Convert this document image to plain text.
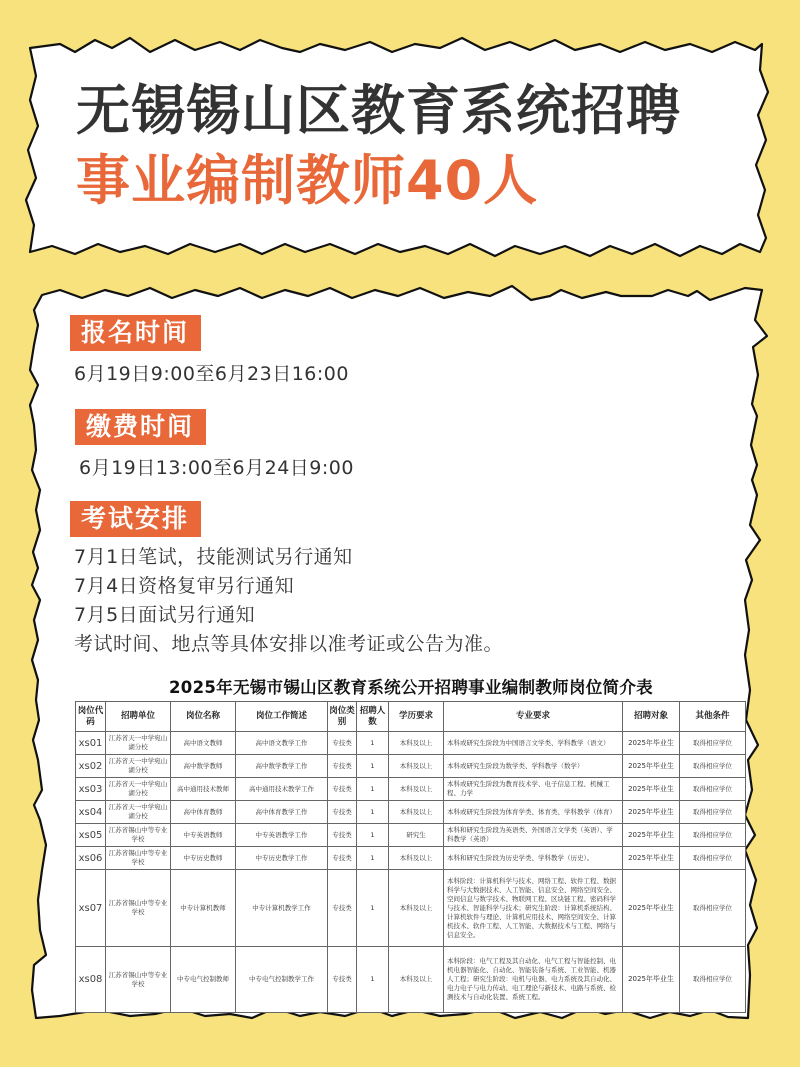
无锡锡山区教育系统招聘
事业编制教师40人
报名时间
6月19日9:00至6月23日16:00
缴费时间
6月19日13:00至6月24日9:00
考试安排
7月1日笔试，技能测试另行通知
7月4日资格复审另行通知
7月5日面试另行通知
考试时间、地点等具体安排以准考证或公告为准。
2025年无锡市锡山区教育系统公开招聘事业编制教师岗位简介表
岗位代码	招聘单位	岗位名称	岗位工作简述	岗位类别	招聘人数	学历要求	专业要求	招聘对象	其他条件
xs01	江苏省天一中学宛山湖分校	高中语文教师	高中语文教学工作	专技类	1	本科及以上	本科或研究生阶段为中国语言文学类、学科教学（语文）	2025年毕业生	取得相应学位
xs02	江苏省天一中学宛山湖分校	高中数学教师	高中数学教学工作	专技类	1	本科及以上	本科或研究生阶段为数学类、学科教学（数学）	2025年毕业生	取得相应学位
xs03	江苏省天一中学宛山湖分校	高中通用技术教师	高中通用技术教学工作	专技类	1	本科及以上	本科或研究生阶段为教育技术学、电子信息工程、机械工程、力学	2025年毕业生	取得相应学位
xs04	江苏省天一中学宛山湖分校	高中体育教师	高中体育教学工作	专技类	1	本科及以上	本科或研究生阶段为体育学类、体育类、学科教学（体育）	2025年毕业生	取得相应学位
xs05	江苏省锡山中等专业学校	中专英语教师	中专英语教学工作	专技类	1	研究生	本科和研究生阶段为英语类、外国语言文学类（英语）、学科教学（英语）	2025年毕业生	取得相应学位
xs06	江苏省锡山中等专业学校	中专历史教师	中专历史教学工作	专技类	1	本科及以上	本科和研究生阶段为历史学类、学科教学（历史）。	2025年毕业生	取得相应学位
xs07	江苏省锡山中等专业学校	中专计算机教师	中专计算机教学工作	专技类	1	本科及以上	本科阶段：计算机科学与技术、网络工程、软件工程、数据科学与大数据技术、人工智能、信息安全、网络空间安全、空间信息与数字技术、物联网工程、区块链工程、密码科学与技术、智能科学与技术；研究生阶段：计算机系统结构、计算机软件与理论、计算机应用技术、网络空间安全、计算机技术、软件工程、人工智能、大数据技术与工程、网络与信息安全。	2025年毕业生	取得相应学位
xs08	江苏省锡山中等专业学校	中专电气控制教师	中专电气控制教学工作	专技类	1	本科及以上	本科阶段：电气工程及其自动化、电气工程与智能控制、电机电器智能化、自动化、智能装备与系统、工业智能、机器人工程；研究生阶段：电机与电器、电力系统及其自动化、电力电子与电力传动、电工理论与新技术、电路与系统、检测技术与自动化装置、系统工程。	2025年毕业生	取得相应学位
